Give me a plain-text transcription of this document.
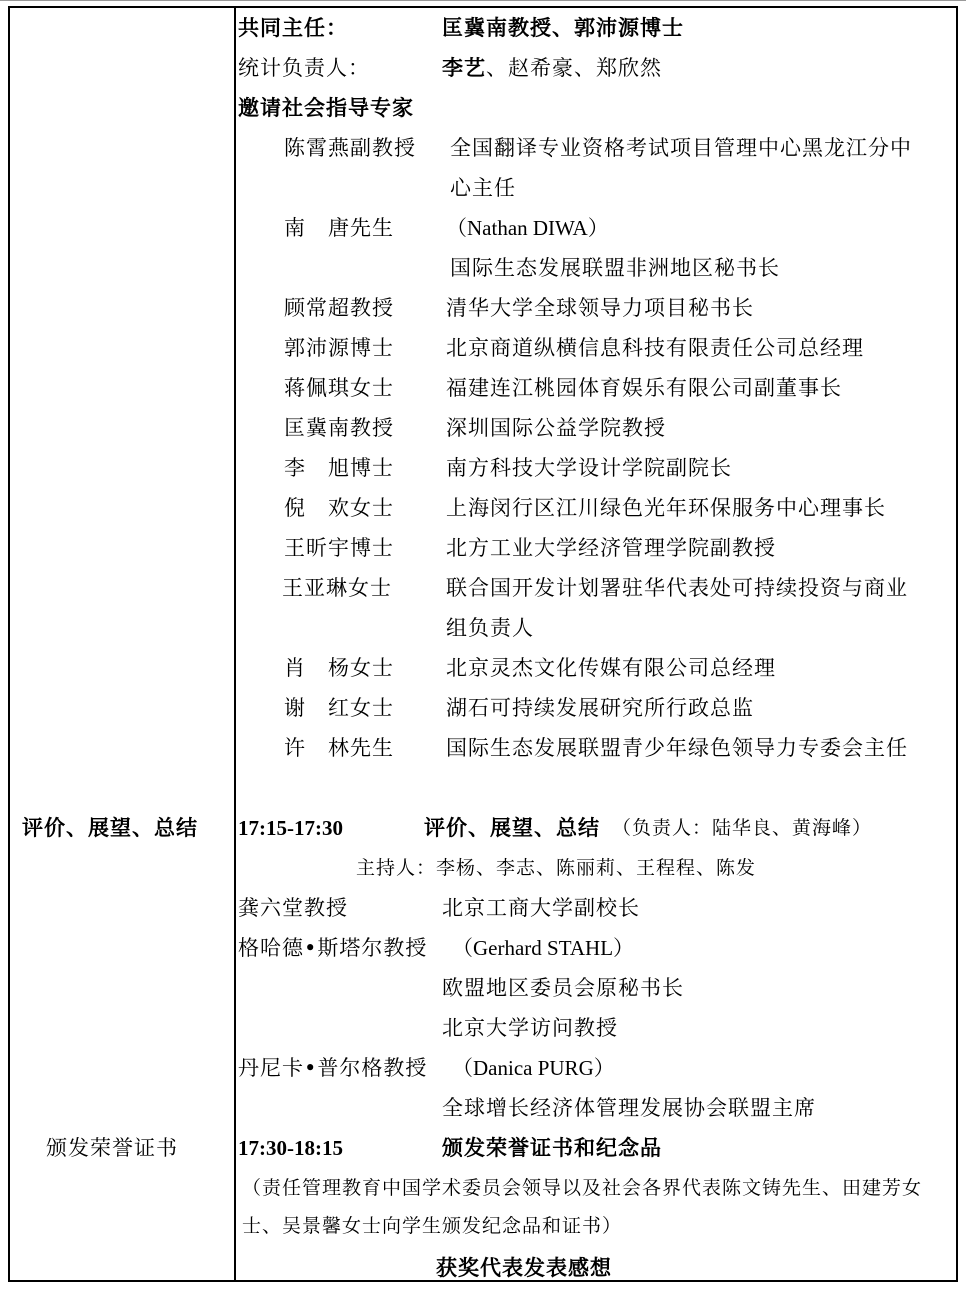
共同主任：	匡冀南教授、郭沛源博士
统计负责人：	李艺、赵希豪、郑欣然
邀请社会指导专家
陈霄燕副教授 全国翻译专业资格考试项目管理中心黑龙江分中
心主任
南　唐先生 （Nathan DIWA）
国际生态发展联盟非洲地区秘书长
顾常超教授 清华大学全球领导力项目秘书长
郭沛源博士 北京商道纵横信息科技有限责任公司总经理
蒋佩琪女士 福建连江桃园体育娱乐有限公司副董事长
匡冀南教授 深圳国际公益学院教授
李　旭博士 南方科技大学设计学院副院长
倪　欢女士 上海闵行区江川绿色光年环保服务中心理事长
王昕宇博士 北方工业大学经济管理学院副教授
王亚琳女士	联合国开发计划署驻华代表处可持续投资与商业
组负责人
肖　杨女士 北京灵杰文化传媒有限公司总经理
谢　红女士 湖石可持续发展研究所行政总监
许　林先生 国际生态发展联盟青少年绿色领导力专委会主任
评价、展望、总结 17:15-17:30	评价、展望、总结 （负责人：陆华良、黄海峰）
主持人：李杨、李志、陈丽莉、王程程、陈发
龚六堂教授	北京工商大学副校长
格哈德•斯塔尔教授 （Gerhard STAHL）
欧盟地区委员会原秘书长
北京大学访问教授
丹尼卡•普尔格教授 （Danica PURG）
全球增长经济体管理发展协会联盟主席
颁发荣誉证书	17:30-18:15	颁发荣誉证书和纪念品
（责任管理教育中国学术委员会领导以及社会各界代表陈文铸先生、田建芳女
士、吴景馨女士向学生颁发纪念品和证书）
获奖代表发表感想
